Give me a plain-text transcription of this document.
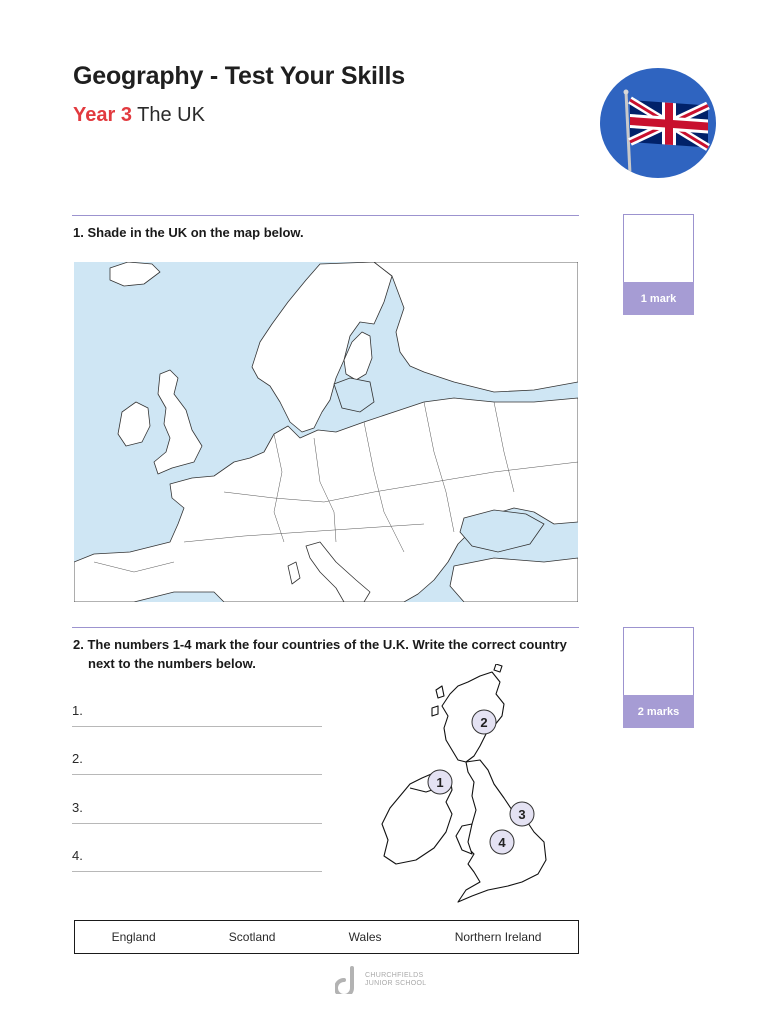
Geography - Test Your Skills
Year 3 The UK
1. Shade in the UK on the map below.
1 mark
2. The numbers 1-4 mark the four countries of the U.K. Write the correct country next to the numbers below.
2 marks
1.
2.
3.
4.
2
1
3
4
England	Scotland	Wales	Northern Ireland
CHURCHFIELDS
JUNIOR SCHOOL
